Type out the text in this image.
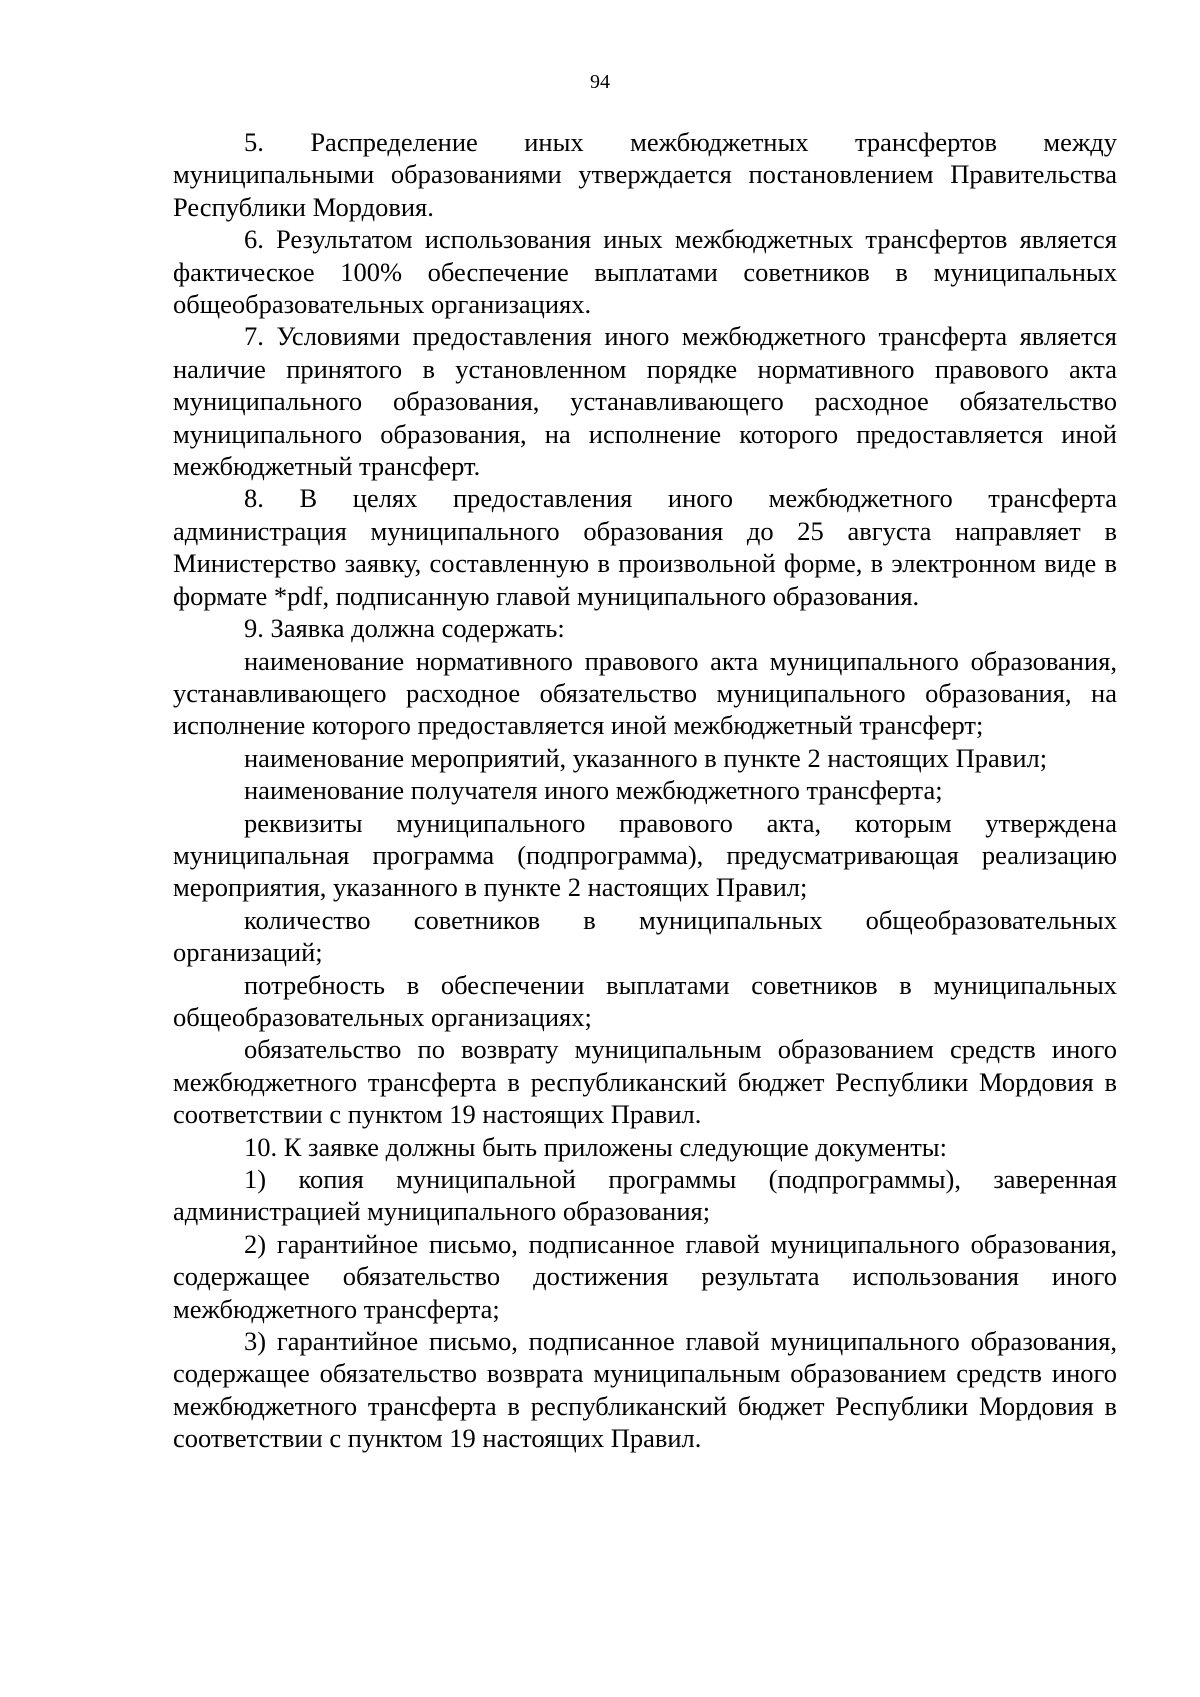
94

5. Распределение иных межбюджетных трансфертов между муниципальными образованиями утверждается постановлением Правительства Республики Мордовия.

6. Результатом использования иных межбюджетных трансфертов является фактическое 100% обеспечение выплатами советников в муниципальных общеобразовательных организациях.

7. Условиями предоставления иного межбюджетного трансферта является наличие принятого в установленном порядке нормативного правового акта муниципального образования, устанавливающего расходное обязательство муниципального образования, на исполнение которого предоставляется иной межбюджетный трансферт.

8. В целях предоставления иного межбюджетного трансферта администрация муниципального образования до 25 августа направляет в Министерство заявку, составленную в произвольной форме, в электронном виде в формате *pdf, подписанную главой муниципального образования.

9. Заявка должна содержать:

наименование нормативного правового акта муниципального образования, устанавливающего расходное обязательство муниципального образования, на исполнение которого предоставляется иной межбюджетный трансферт;

наименование мероприятий, указанного в пункте 2 настоящих Правил;

наименование получателя иного межбюджетного трансферта;

реквизиты муниципального правового акта, которым утверждена муниципальная программа (подпрограмма), предусматривающая реализацию мероприятия, указанного в пункте 2 настоящих Правил;

количество советников в муниципальных общеобразовательных организаций;

потребность в обеспечении выплатами советников в муниципальных общеобразовательных организациях;

обязательство по возврату муниципальным образованием средств иного межбюджетного трансферта в республиканский бюджет Республики Мордовия в соответствии с пунктом 19 настоящих Правил.

10. К заявке должны быть приложены следующие документы:

1) копия муниципальной программы (подпрограммы), заверенная администрацией муниципального образования;

2) гарантийное письмо, подписанное главой муниципального образования, содержащее обязательство достижения результата использования иного межбюджетного трансферта;

3) гарантийное письмо, подписанное главой муниципального образования, содержащее обязательство возврата муниципальным образованием средств иного межбюджетного трансферта в республиканский бюджет Республики Мордовия в соответствии с пунктом 19 настоящих Правил.
